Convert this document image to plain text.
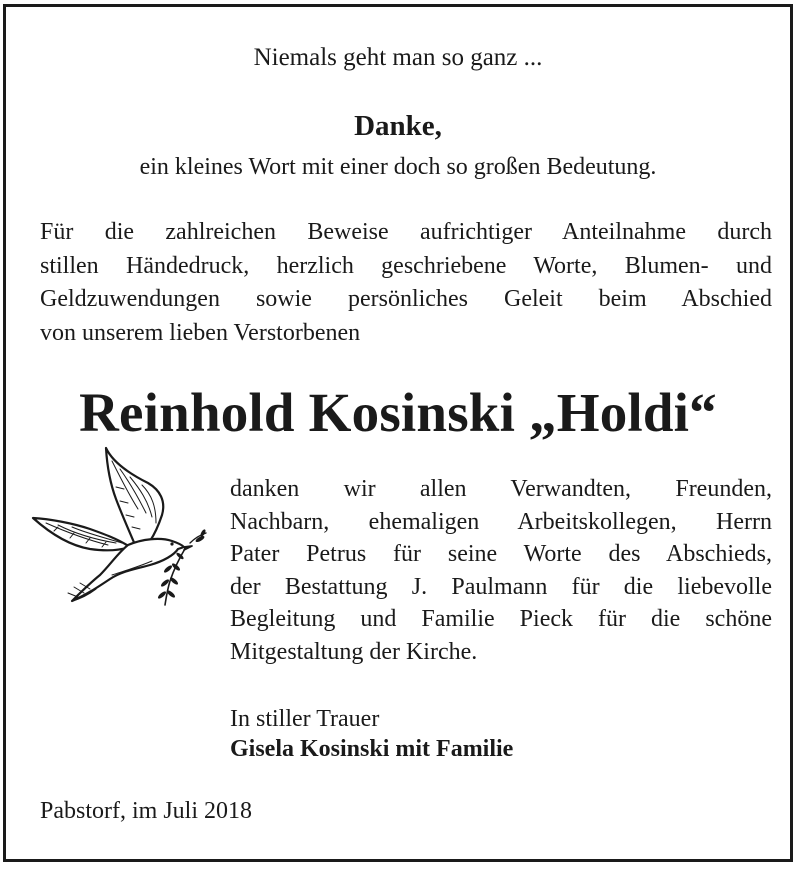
Niemals geht man so ganz ...

Danke,

ein kleines Wort mit einer doch so großen Bedeutung.

Für die zahlreichen Beweise aufrichtiger Anteilnahme durch
stillen Händedruck, herzlich geschriebene Worte, Blumen- und
Geldzuwendungen sowie persönliches Geleit beim Abschied
von unserem lieben Verstorbenen

Reinhold Kosinski „Holdi“

danken wir allen Verwandten, Freunden,
Nachbarn, ehemaligen Arbeitskollegen, Herrn
Pater Petrus für seine Worte des Abschieds,
der Bestattung J. Paulmann für die liebevolle
Begleitung und Familie Pieck für die schöne
Mitgestaltung der Kirche.

In stiller Trauer

Gisela Kosinski mit Familie

Pabstorf, im Juli 2018
